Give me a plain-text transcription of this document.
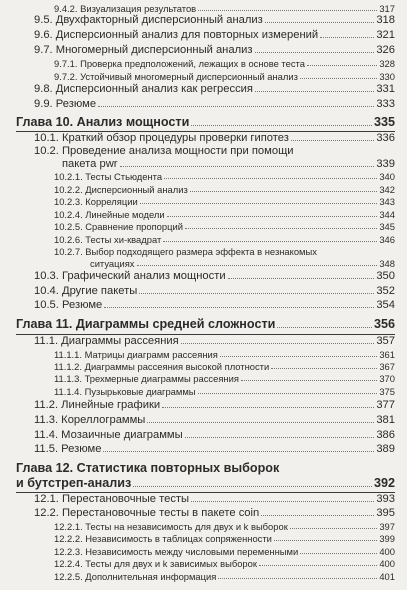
9.4.2. Визуализация результатов	317
9.5. Двухфакторный дисперсионный анализ	318
9.6. Дисперсионный анализ для повторных измерений	321
9.7. Многомерный дисперсионный анализ	326
9.7.1. Проверка предположений, лежащих в основе теста	328
9.7.2. Устойчивый многомерный дисперсионный анализ	330
9.8. Дисперсионный анализ как регрессия	331
9.9. Резюме	333
Глава 10. Анализ мощности	335
10.1. Краткий обзор процедуры проверки гипотез	336
10.2. Проведение анализа мощности при помощи
пакета pwr	339
10.2.1. Тесты Стьюдента	340
10.2.2. Дисперсионный анализ	342
10.2.3. Корреляции	343
10.2.4. Линейные модели	344
10.2.5. Сравнение пропорций	345
10.2.6. Тесты хи-квадрат	346
10.2.7. Выбор подходящего размера эффекта в незнакомых
ситуациях	348
10.3. Графический анализ мощности	350
10.4. Другие пакеты	352
10.5. Резюме	354
Глава 11. Диаграммы средней сложности	356
11.1. Диаграммы рассеяния	357
11.1.1. Матрицы диаграмм рассеяния	361
11.1.2. Диаграммы рассеяния высокой плотности	367
11.1.3. Трехмерные диаграммы рассеяния	370
11.1.4. Пузырьковые диаграммы	375
11.2. Линейные графики	377
11.3. Кореллограммы	381
11.4. Мозаичные диаграммы	386
11.5. Резюме	389
Глава 12. Статистика повторных выборок
и бутстреп-анализ	392
12.1. Перестановочные тесты	393
12.2. Перестановочные тесты в пакете coin	395
12.2.1. Тесты на независимость для двух и k выборок	397
12.2.2. Независимость в таблицах сопряженности	399
12.2.3. Независимость между числовыми переменными	400
12.2.4. Тесты для двух и k зависимых выборок	400
12.2.5. Дополнительная информация	401
